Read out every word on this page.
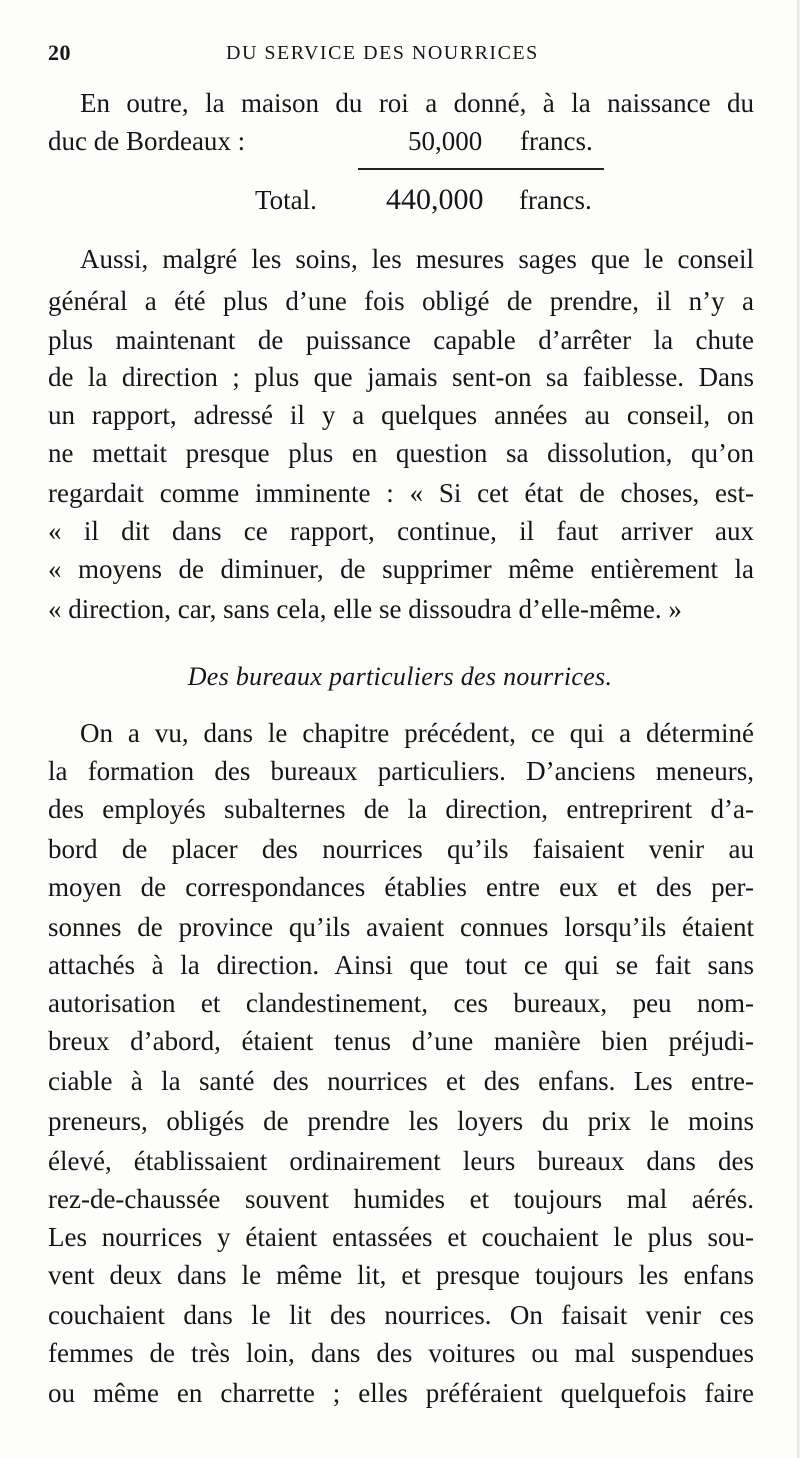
20	DU SERVICE DES NOURRICES
En outre, la maison du roi a donné, à la naissance du
duc de Bordeaux :	50,000 francs.
Total. 440,000 francs.
Aussi, malgré les soins, les mesures sages que le conseil
général a été plus d’une fois obligé de prendre, il n’y a
plus maintenant de puissance capable d’arrêter la chute
de la direction ; plus que jamais sent-on sa faiblesse. Dans
un rapport, adressé il y a quelques années au conseil, on
ne mettait presque plus en question sa dissolution, qu’on
regardait comme imminente : « Si cet état de choses, est-
« il dit dans ce rapport, continue, il faut arriver aux
« moyens de diminuer, de supprimer même entièrement la
« direction, car, sans cela, elle se dissoudra d’elle-même. »
Des bureaux particuliers des nourrices.
On a vu, dans le chapitre précédent, ce qui a déterminé
la formation des bureaux particuliers. D’anciens meneurs,
des employés subalternes de la direction, entreprirent d’a-
bord de placer des nourrices qu’ils faisaient venir au
moyen de correspondances établies entre eux et des per-
sonnes de province qu’ils avaient connues lorsqu’ils étaient
attachés à la direction. Ainsi que tout ce qui se fait sans
autorisation et clandestinement, ces bureaux, peu nom-
breux d’abord, étaient tenus d’une manière bien préjudi-
ciable à la santé des nourrices et des enfans. Les entre-
preneurs, obligés de prendre les loyers du prix le moins
élevé, établissaient ordinairement leurs bureaux dans des
rez-de-chaussée souvent humides et toujours mal aérés.
Les nourrices y étaient entassées et couchaient le plus sou-
vent deux dans le même lit, et presque toujours les enfans
couchaient dans le lit des nourrices. On faisait venir ces
femmes de très loin, dans des voitures ou mal suspendues
ou même en charrette ; elles préféraient quelquefois faire
